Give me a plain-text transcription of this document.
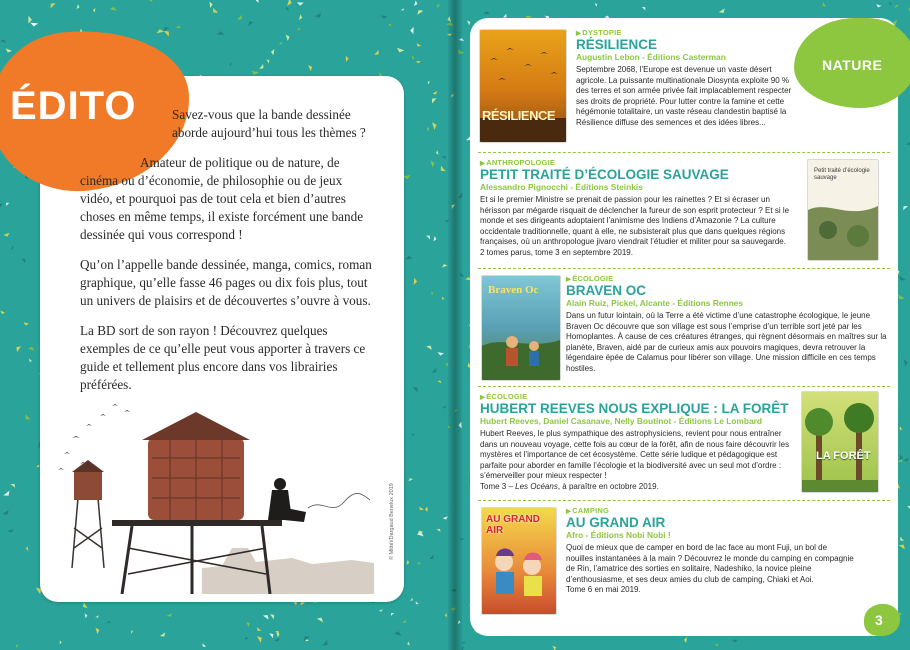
ÉDITO	Savez-vous que la bande dessinée aborde aujourd’hui tous les thèmes ?

Amateur de politique ou de nature, de cinéma ou d’économie, de philosophie ou de jeux vidéo, et pourquoi pas de tout cela et bien d’autres choses en même temps, il existe forcément une bande dessinée qui vous correspond !

Qu’on l’appelle bande dessinée, manga, comics, roman graphique, qu’elle fasse 46 pages ou dix fois plus, tout un univers de plaisirs et de découvertes s’ouvre à vous.

La BD sort de son rayon ! Découvrez quelques exemples de ce qu’elle peut vous apporter à travers ce guide et tellement plus encore dans vos librairies préférées.

© Mittéï/Dargaud Benelux 2019
NATURE
RÉSILIENCE
▶DYSTOPIE
RÉSILIENCE
Augustin Lebon - Éditions Casterman
Septembre 2068, l’Europe est devenue un vaste désert agricole. La puissante multinationale Diosynta exploite 90 % des terres et son armée privée fait implacablement respecter ses droits de propriété. Pour lutter contre la famine et cette hégémonie totalitaire, un vaste réseau clandestin baptisé la Résilience diffuse des semences et des idées libres...
▶ANTHROPOLOGIE
PETIT TRAITÉ D’ÉCOLOGIE SAUVAGE
Alessandro Pignocchi - Éditions Steinkis
Et si le premier Ministre se prenait de passion pour les rainettes ? Et si écraser un hérisson par mégarde risquait de déclencher la fureur de son esprit protecteur ? Et si le monde et ses dirigeants adoptaient l’animisme des Indiens d’Amazonie ? La culture occidentale traditionnelle, quant à elle, ne subsisterait plus que dans quelques régions françaises, où un anthropologue jivaro viendrait l’étudier et militer pour sa sauvegarde.
2 tomes parus, tome 3 en septembre 2019.
Petit traité d’écologie sauvage
Braven Oc
▶ÉCOLOGIE
BRAVEN OC
Alain Ruiz, Pickel, Alcante - Éditions Rennes
Dans un futur lointain, où la Terre a été victime d’une catastrophe écologique, le jeune Braven Oc découvre que son village est sous l’emprise d’un terrible sort jeté par les Homoplantes. À cause de ces créatures étranges, qui règnent désormais en maîtres sur la planète, Braven, aidé par de curieux amis aux pouvoirs magiques, devra retrouver la légendaire épée de Calamus pour libérer son village. Une mission difficile en ces temps hostiles.
▶ÉCOLOGIE
HUBERT REEVES NOUS EXPLIQUE : LA FORÊT
Hubert Reeves, Daniel Casanave, Nelly Boutinot - Éditions Le Lombard
Hubert Reeves, le plus sympathique des astrophysiciens, revient pour nous entraîner dans un nouveau voyage, cette fois au cœur de la forêt, afin de nous faire découvrir les mystères et l’importance de cet écosystème. Cette série ludique et pédagogique est parfaite pour aborder en famille l’écologie et la biodiversité avec un seul mot d’ordre : s’émerveiller pour mieux respecter !
Tome 3 – Les Océans, à paraître en octobre 2019.
LA FORÊT
AU GRAND AIR
▶CAMPING
AU GRAND AIR
Afro - Éditions Nobi Nobi !
Quoi de mieux que de camper en bord de lac face au mont Fuji, un bol de nouilles instantanées à la main ? Découvrez le monde du camping en compagnie de Rin, l’amatrice des sorties en solitaire, Nadeshiko, la novice pleine d’enthousiasme, et ses deux amies du club de camping, Chiaki et Aoi.
Tome 6 en mai 2019.
3
